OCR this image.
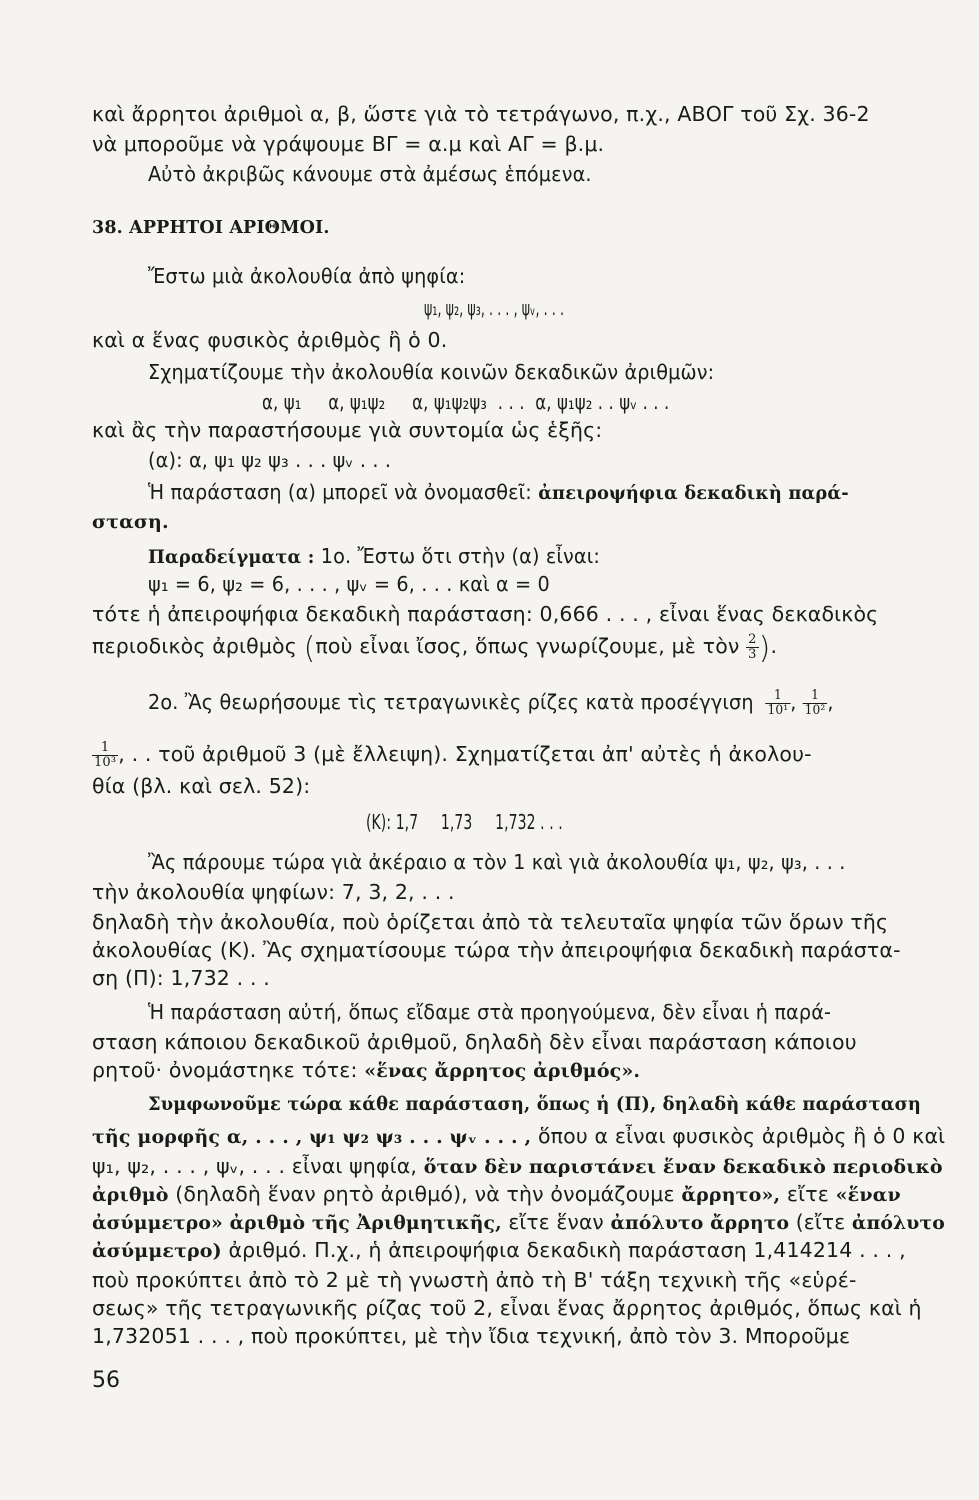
καὶ ἄρρητοι ἀριθμοὶ α, β, ὥστε γιὰ τὸ τετράγωνο, π.χ., ΑΒΟΓ τοῦ Σχ. 36-2
νὰ μποροῦμε νὰ γράψουμε ΒΓ = α.μ καὶ ΑΓ = β.μ.
Αὐτὸ ἀκριβῶς κάνουμε στὰ ἀμέσως ἑπόμενα.
38. ΑΡΡΗΤΟΙ ΑΡΙΘΜΟΙ.
Ἔστω μιὰ ἀκολουθία ἀπὸ ψηφία:
ψ₁, ψ₂, ψ₃, . . . , ψᵥ, . . .
καὶ α ἕνας φυσικὸς ἀριθμὸς ἢ ὁ 0.
Σχηματίζουμε τὴν ἀκολουθία κοινῶν δεκαδικῶν ἀριθμῶν:
α, ψ₁     α, ψ₁ψ₂     α, ψ₁ψ₂ψ₃  . . .  α, ψ₁ψ₂ . . ψᵥ . . .
καὶ ἂς τὴν παραστήσουμε γιὰ συντομία ὡς ἑξῆς:
(α): α, ψ₁ ψ₂ ψ₃ . . . ψᵥ . . .
Ἡ παράσταση (α) μπορεῖ νὰ ὀνομασθεῖ: ἀπειροψήφια δεκαδικὴ παρά-
σταση.
Παραδείγματα : 1ο. Ἔστω ὅτι στὴν (α) εἶναι:
ψ₁ = 6, ψ₂ = 6, . . . , ψᵥ = 6, . . . καὶ α = 0
τότε ἡ ἀπειροψήφια δεκαδικὴ παράσταση: 0,666 . . . , εἶναι ἕνας δεκαδικὸς
περιοδικὸς ἀριθμὸς (ποὺ εἶναι ἴσος, ὅπως γνωρίζουμε, μὲ τὸν $\frac{2}{3}$ ).
2ο. Ἂς θεωρήσουμε τὶς τετραγωνικὲς ρίζες κατὰ προσέγγιση $\frac{1}{\text{10¹}}$ , $\frac{1}{\text{10²}}$ ,
$\frac{1}{\text{10³}}$ , . . τοῦ ἀριθμοῦ 3 (μὲ ἔλλειψη). Σχηματίζεται ἀπ' αὐτὲς ἡ ἀκολου-
θία (βλ. καὶ σελ. 52):
(Κ): 1,7     1,73     1,732 . . .
Ἂς πάρουμε τώρα γιὰ ἀκέραιο α τὸν 1 καὶ γιὰ ἀκολουθία ψ₁, ψ₂, ψ₃, . . .
τὴν ἀκολουθία ψηφίων: 7, 3, 2, . . .
δηλαδὴ τὴν ἀκολουθία, ποὺ ὁρίζεται ἀπὸ τὰ τελευταῖα ψηφία τῶν ὅρων τῆς
ἀκολουθίας (Κ). Ἂς σχηματίσουμε τώρα τὴν ἀπειροψήφια δεκαδικὴ παράστα-
ση (Π): 1,732 . . .
Ἡ παράσταση αὐτή, ὅπως εἴδαμε στὰ προηγούμενα, δὲν εἶναι ἡ παρά-
σταση κάποιου δεκαδικοῦ ἀριθμοῦ, δηλαδὴ δὲν εἶναι παράσταση κάποιου
ρητοῦ· ὀνομάστηκε τότε: «ἕνας ἄρρητος ἀριθμός».
Συμφωνοῦμε τώρα κάθε παράσταση, ὅπως ἡ (Π), δηλαδὴ κάθε παράσταση
τῆς μορφῆς α, . . . , ψ₁ ψ₂ ψ₃ . . . ψᵥ . . . , ὅπου α εἶναι φυσικὸς ἀριθμὸς ἢ ὁ 0 καὶ
ψ₁, ψ₂, . . . , ψᵥ, . . . εἶναι ψηφία, ὅταν δὲν παριστάνει ἕναν δεκαδικὸ περιοδικὸ
ἀριθμὸ (δηλαδὴ ἕναν ρητὸ ἀριθμό), νὰ τὴν ὀνομάζουμε ἄρρητο», εἴτε «ἕναν
ἀσύμμετρο» ἀριθμὸ τῆς Ἀριθμητικῆς, εἴτε ἕναν ἀπόλυτο ἄρρητο (εἴτε ἀπόλυτο
ἀσύμμετρο) ἀριθμό. Π.χ., ἡ ἀπειροψήφια δεκαδικὴ παράσταση 1,414214 . . . ,
ποὺ προκύπτει ἀπὸ τὸ 2 μὲ τὴ γνωστὴ ἀπὸ τὴ Β' τάξη τεχνικὴ τῆς «εὑρέ-
σεως» τῆς τετραγωνικῆς ρίζας τοῦ 2, εἶναι ἕνας ἄρρητος ἀριθμός, ὅπως καὶ ἡ
1,732051 . . . , ποὺ προκύπτει, μὲ τὴν ἴδια τεχνική, ἀπὸ τὸν 3. Μποροῦμε
56
